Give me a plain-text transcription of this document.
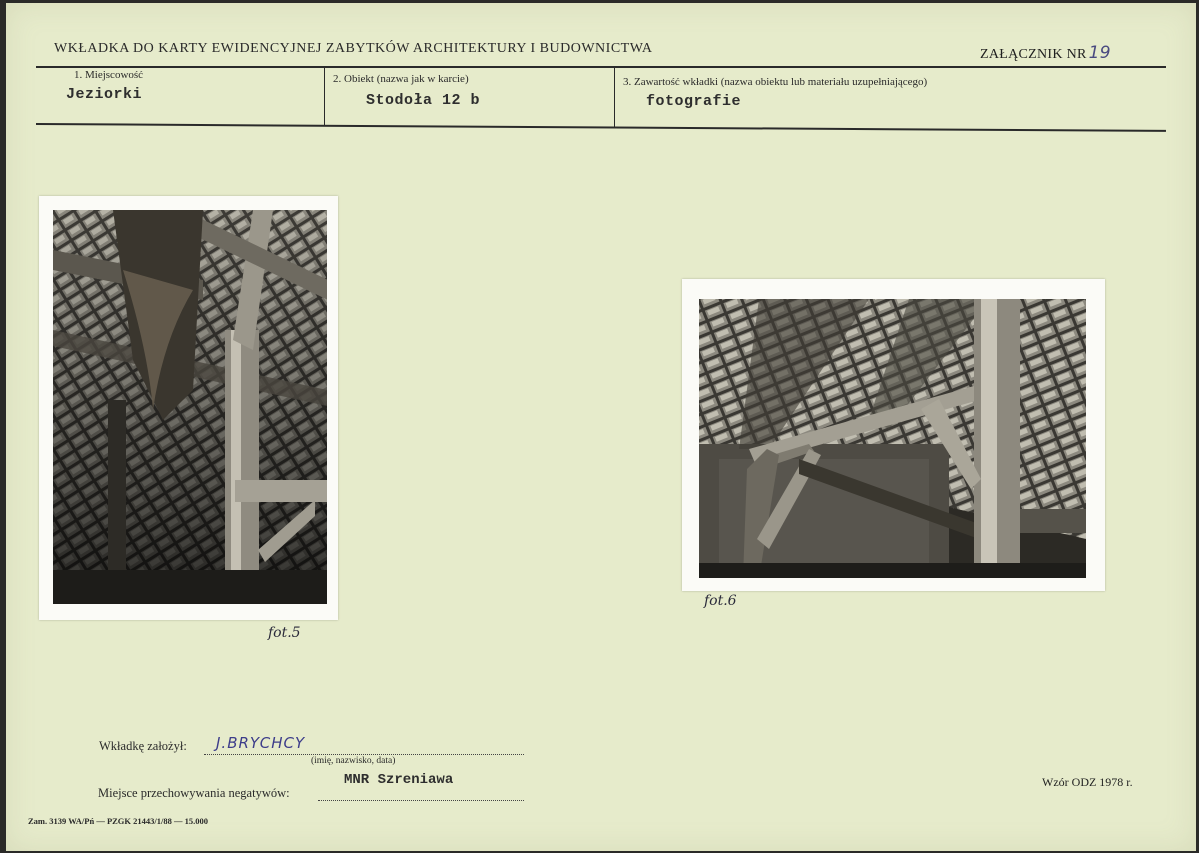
WKŁADKA DO KARTY EWIDENCYJNEJ ZABYTKÓW ARCHITEKTURY I BUDOWNICTWA	ZAŁĄCZNIK NR 19
1. Miejscowość
Jeziorki
2. Obiekt (nazwa jak w karcie)
Stodoła 12 b
3. Zawartość wkładki (nazwa obiektu lub materiału uzupełniającego)
fotografie
fot.5
fot.6
Wkładkę założył: J.BRYCHCY
(imię, nazwisko, data)
Miejsce przechowywania negatywów:
MNR Szreniawa	Wzór ODZ 1978 r.
Zam. 3139 WA/Pń — PZGK 21443/1/88 — 15.000
